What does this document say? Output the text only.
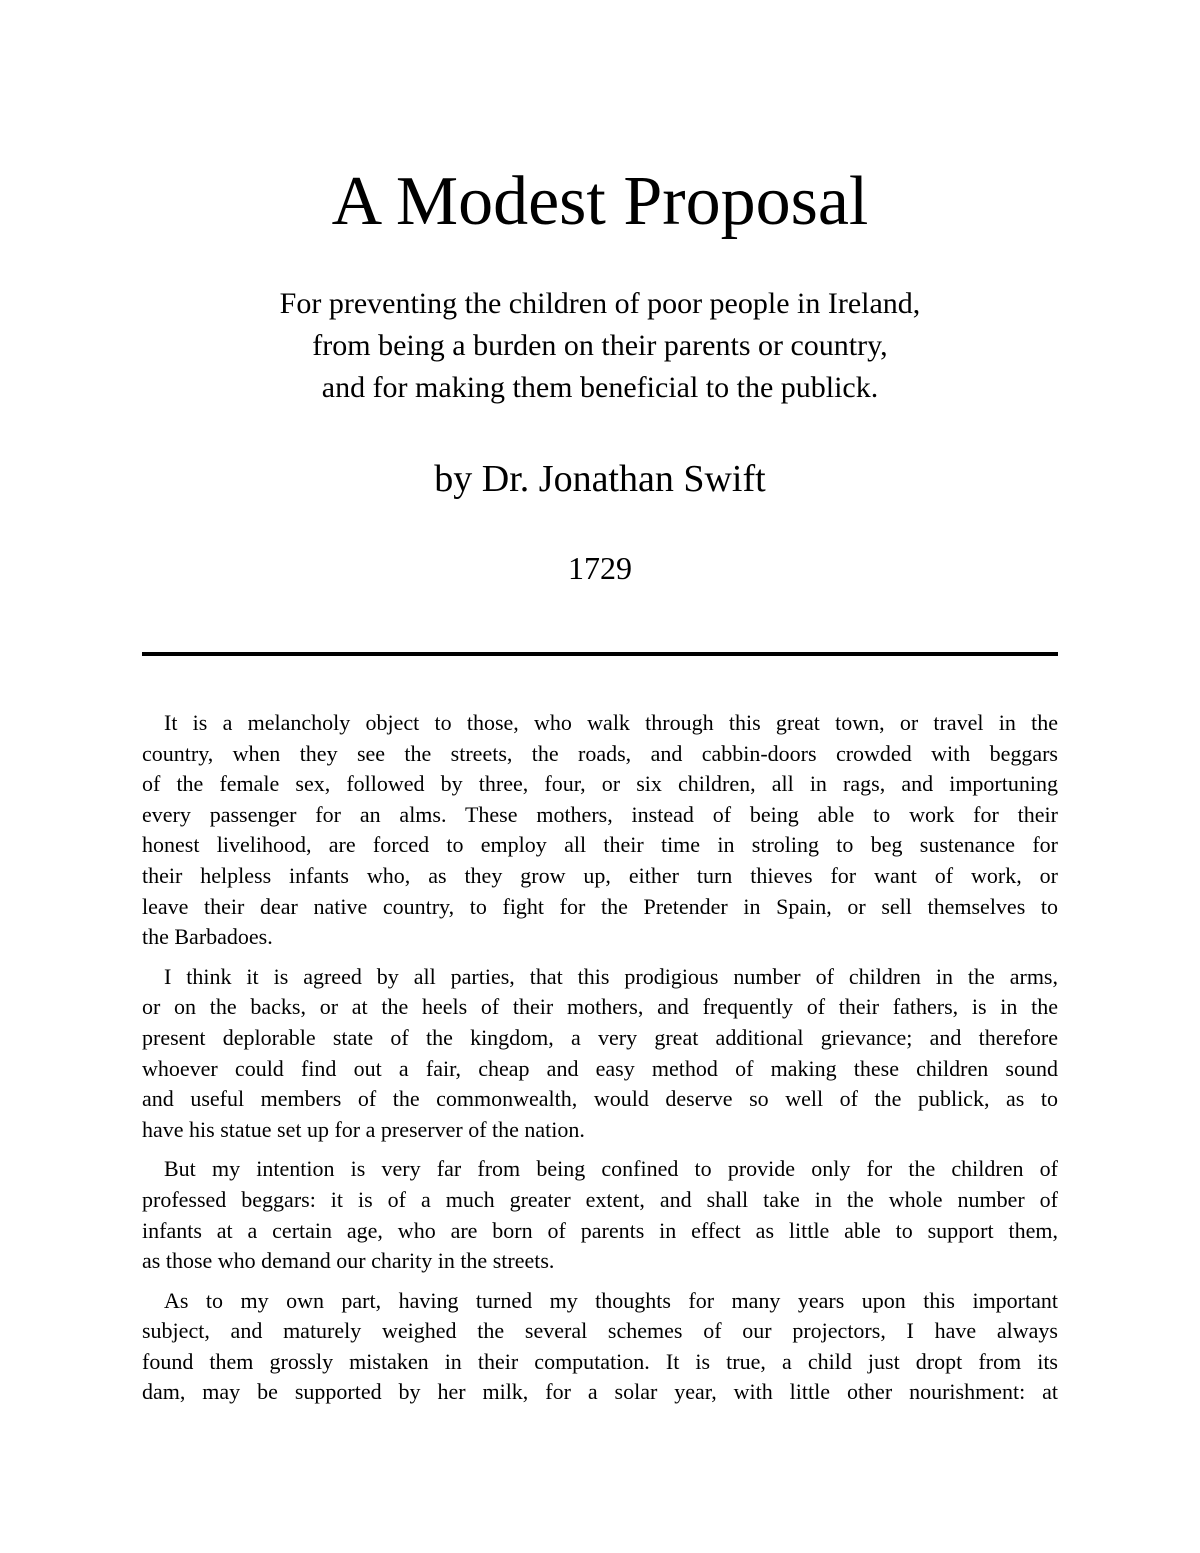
A Modest Proposal
For preventing the children of poor people in Ireland,
from being a burden on their parents or country,
and for making them beneficial to the publick.
by Dr. Jonathan Swift
1729
It is a melancholy object to those, who walk through this great town, or travel in the
country, when they see the streets, the roads, and cabbin-doors crowded with beggars
of the female sex, followed by three, four, or six children, all in rags, and importuning
every passenger for an alms. These mothers, instead of being able to work for their
honest livelihood, are forced to employ all their time in stroling to beg sustenance for
their helpless infants who, as they grow up, either turn thieves for want of work, or
leave their dear native country, to fight for the Pretender in Spain, or sell themselves to
the Barbadoes.
I think it is agreed by all parties, that this prodigious number of children in the arms,
or on the backs, or at the heels of their mothers, and frequently of their fathers, is in the
present deplorable state of the kingdom, a very great additional grievance; and therefore
whoever could find out a fair, cheap and easy method of making these children sound
and useful members of the commonwealth, would deserve so well of the publick, as to
have his statue set up for a preserver of the nation.
But my intention is very far from being confined to provide only for the children of
professed beggars: it is of a much greater extent, and shall take in the whole number of
infants at a certain age, who are born of parents in effect as little able to support them,
as those who demand our charity in the streets.
As to my own part, having turned my thoughts for many years upon this important
subject, and maturely weighed the several schemes of our projectors, I have always
found them grossly mistaken in their computation. It is true, a child just dropt from its
dam, may be supported by her milk, for a solar year, with little other nourishment: at
